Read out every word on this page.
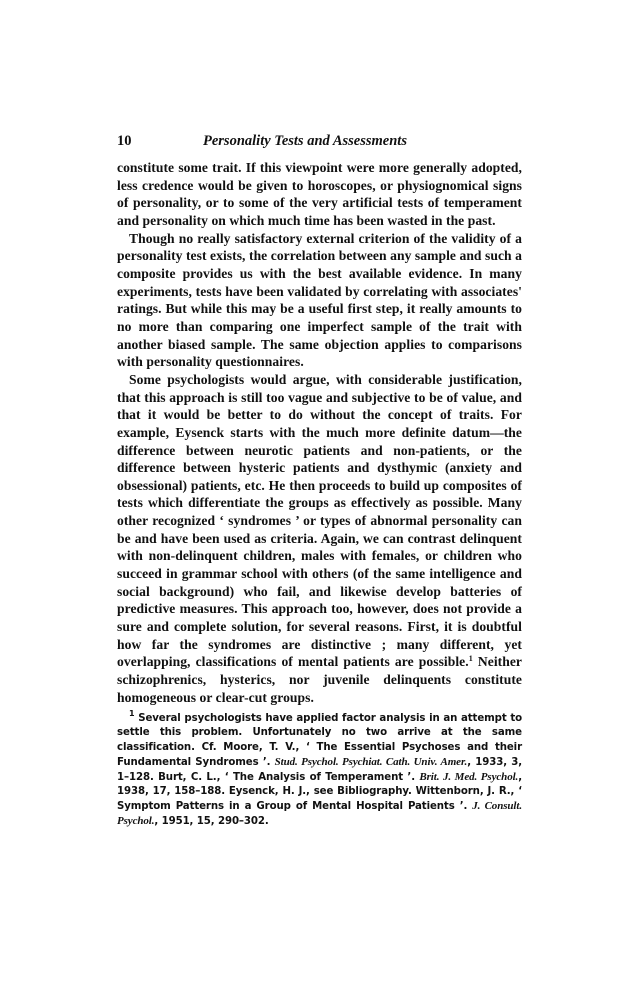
10	Personality Tests and Assessments

constitute some trait. If this viewpoint were more generally adopted, less credence would be given to horoscopes, or physiognomical signs of personality, or to some of the very artificial tests of temperament and personality on which much time has been wasted in the past.

Though no really satisfactory external criterion of the validity of a personality test exists, the correlation between any sample and such a composite provides us with the best available evidence. In many experiments, tests have been validated by correlating with associates' ratings. But while this may be a useful first step, it really amounts to no more than comparing one imperfect sample of the trait with another biased sample. The same objection applies to comparisons with personality questionnaires.

Some psychologists would argue, with considerable justification, that this approach is still too vague and subjective to be of value, and that it would be better to do without the concept of traits. For example, Eysenck starts with the much more definite datum—the difference between neurotic patients and non-patients, or the difference between hysteric patients and dysthymic (anxiety and obsessional) patients, etc. He then proceeds to build up composites of tests which differentiate the groups as effectively as possible. Many other recognized ‘ syndromes ’ or types of abnormal personality can be and have been used as criteria. Again, we can contrast delinquent with non-delinquent children, males with females, or children who succeed in grammar school with others (of the same intelligence and social background) who fail, and likewise develop batteries of predictive measures. This approach too, however, does not provide a sure and complete solution, for several reasons. First, it is doubtful how far the syndromes are distinctive ; many different, yet overlapping, classifications of mental patients are possible.$^1$ Neither schizophrenics, hysterics, nor juvenile delinquents constitute homogeneous or clear-cut groups.

$^1$ Several psychologists have applied factor analysis in an attempt to settle this problem. Unfortunately no two arrive at the same classification. Cf. Moore, T. V., ‘ The Essential Psychoses and their Fundamental Syndromes ’. Stud. Psychol. Psychiat. Cath. Univ. Amer., 1933, 3, 1–128. Burt, C. L., ‘ The Analysis of Temperament ’. Brit. J. Med. Psychol., 1938, 17, 158–188. Eysenck, H. J., see Bibliography. Wittenborn, J. R., ‘ Symptom Patterns in a Group of Mental Hospital Patients ’. J. Consult. Psychol., 1951, 15, 290–302.
